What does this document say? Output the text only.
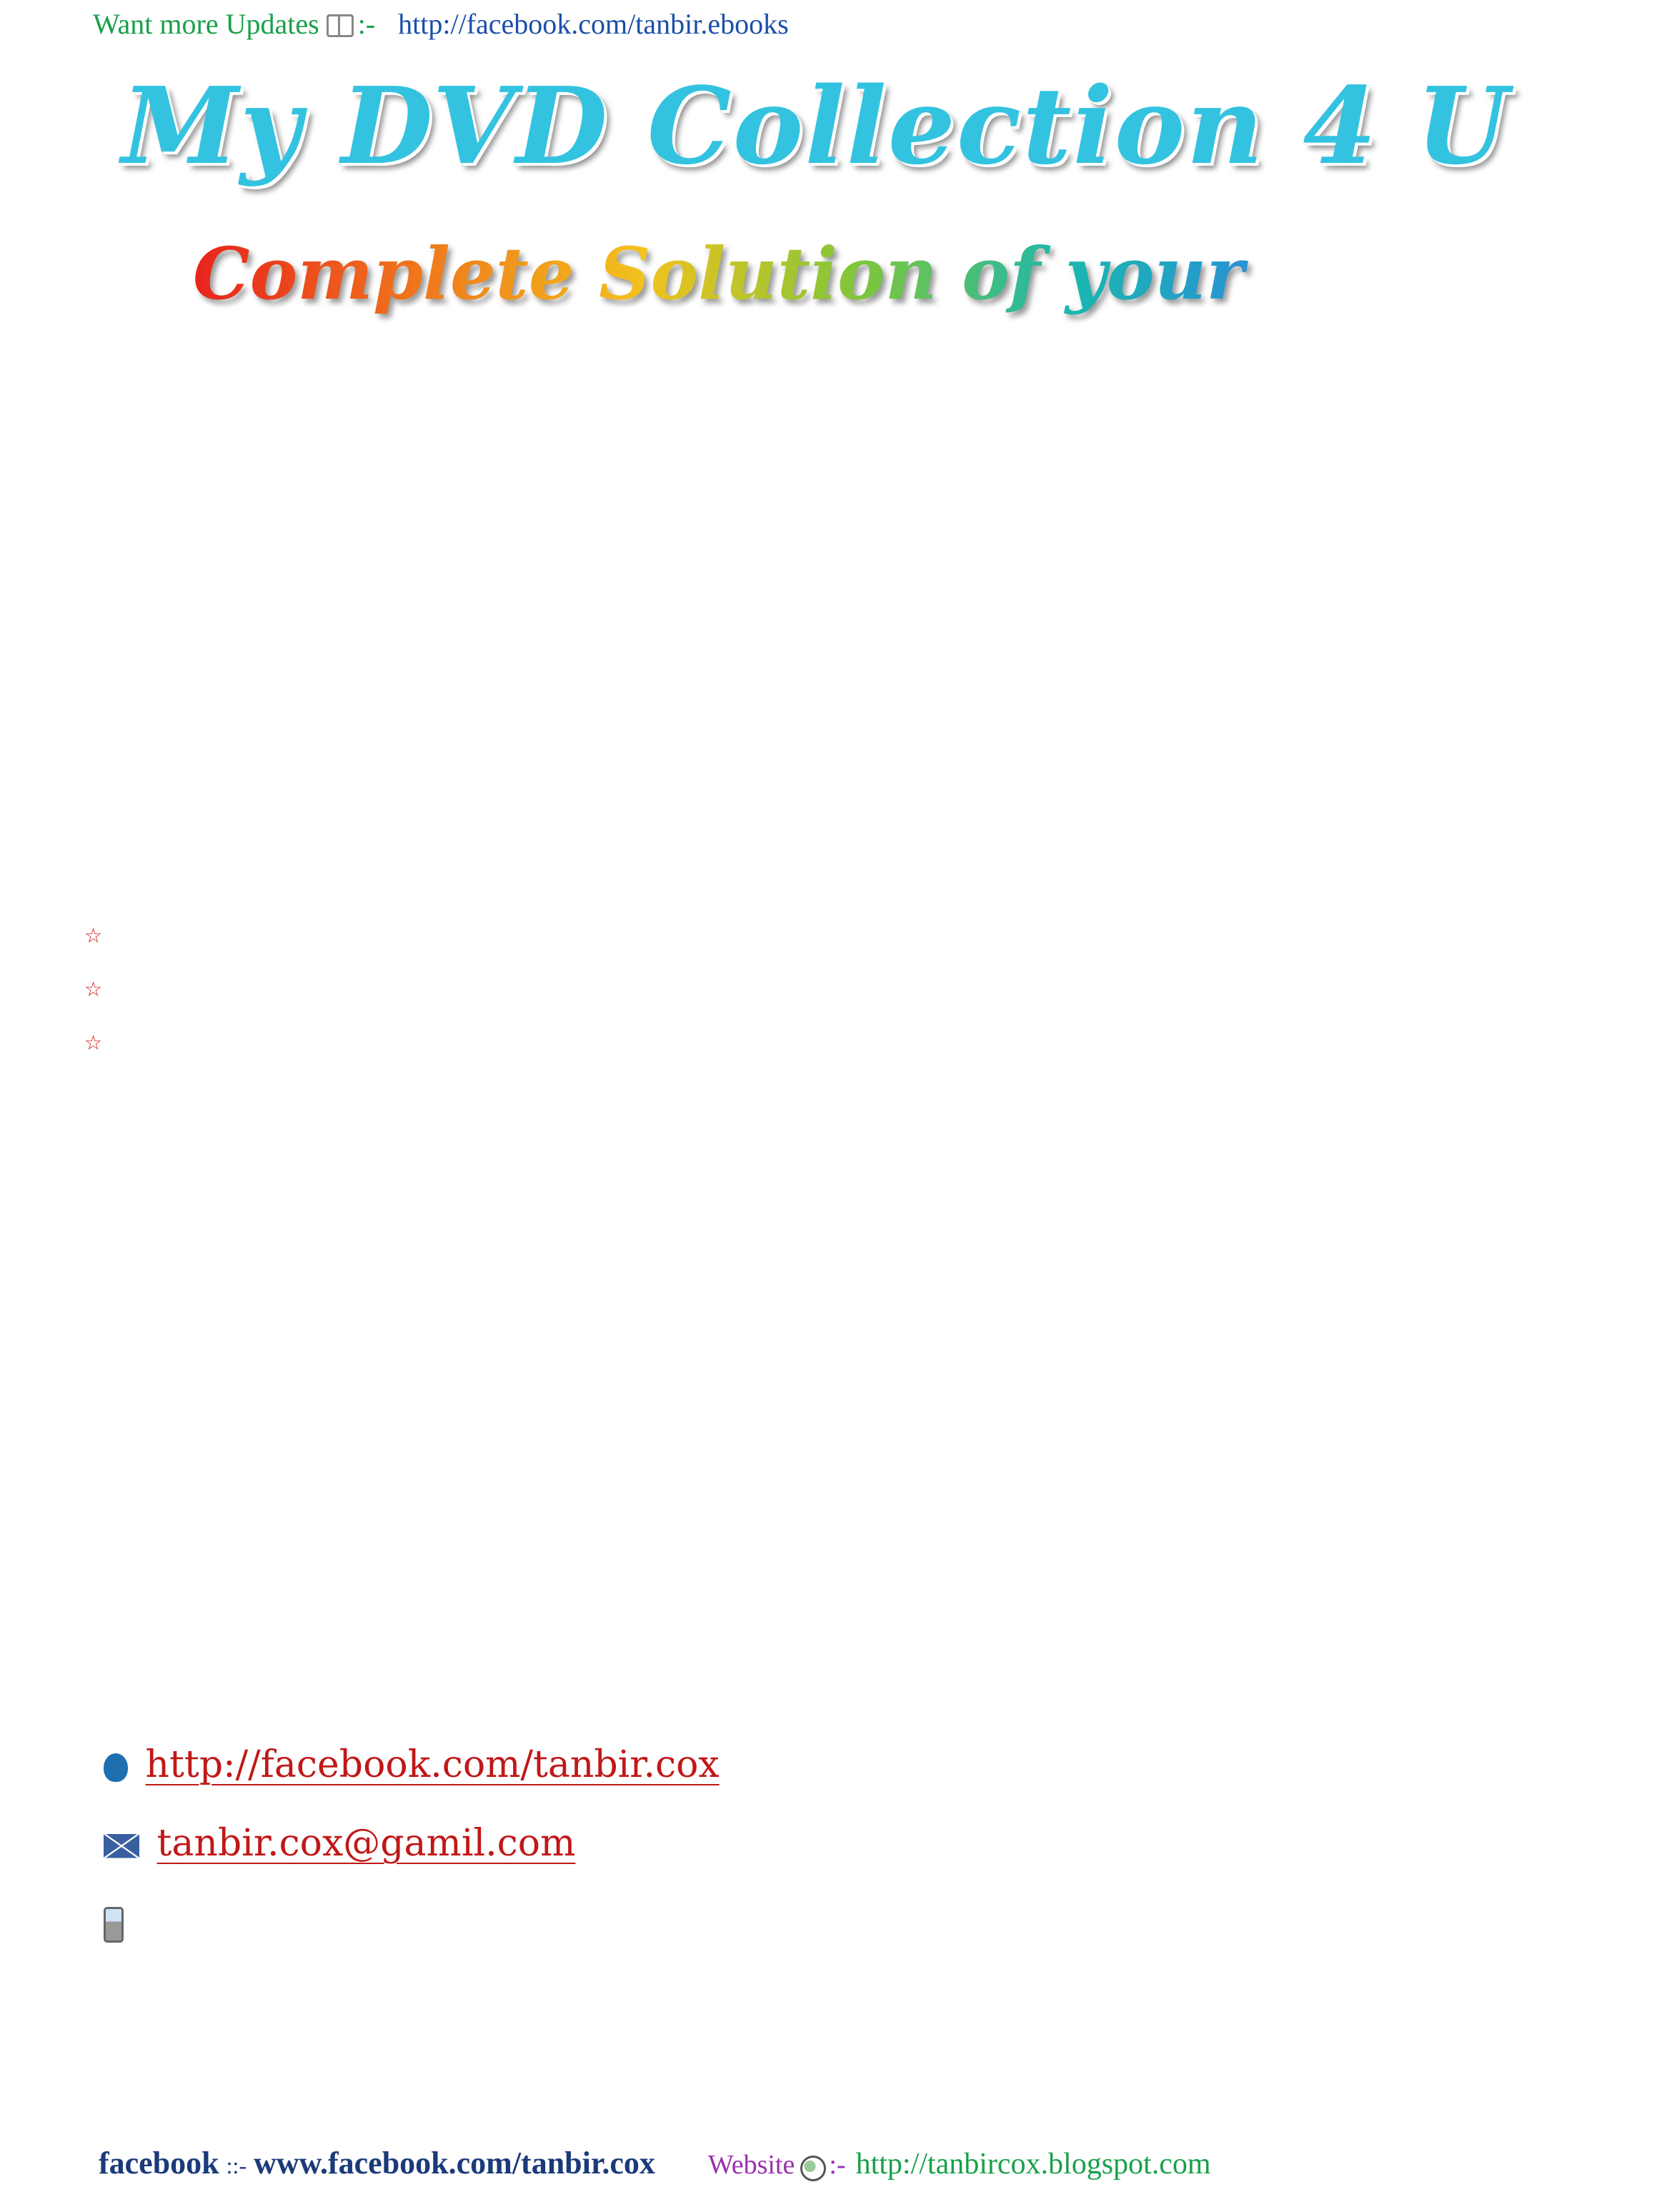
Want more Updates :- http://facebook.com/tanbir.ebooks
My DVD Collection 4 U
Complete Solution of your Computer
☆
☆
☆
http://facebook.com/tanbir.cox
tanbir.cox@gamil.com
facebook ::- www.facebook.com/tanbir.cox Website :- http://tanbircox.blogspot.com
